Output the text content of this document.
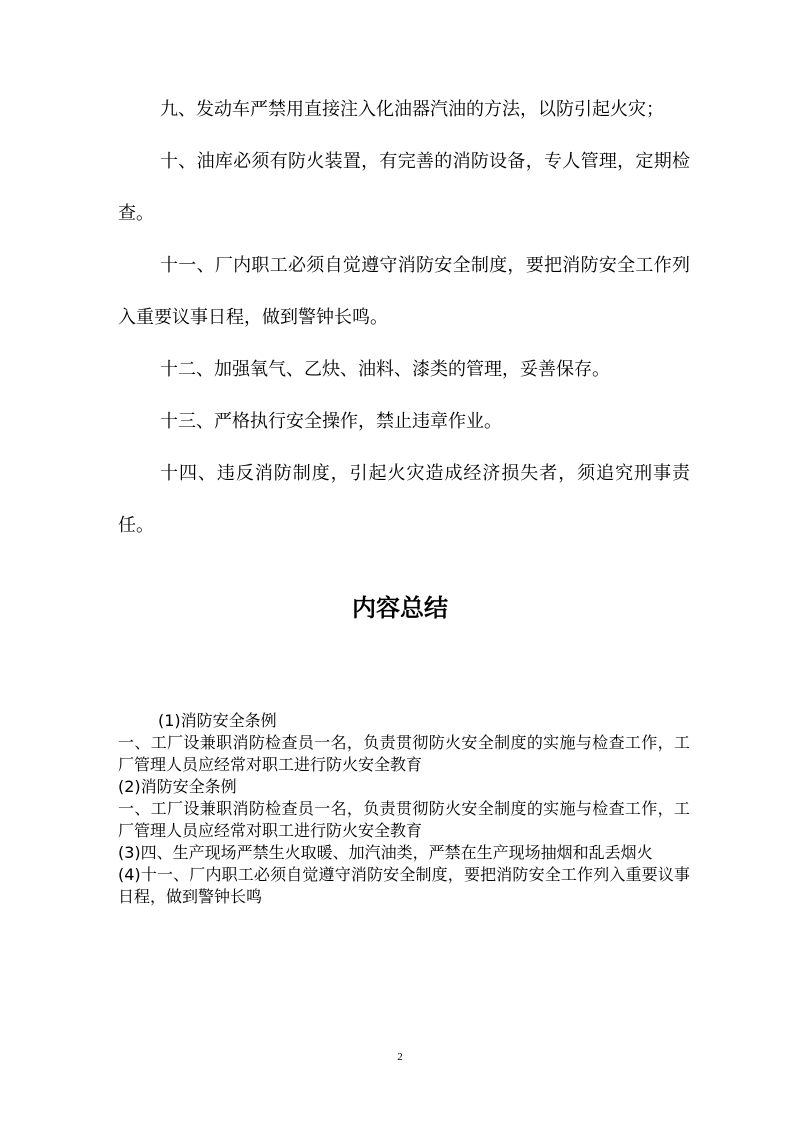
九、发动车严禁用直接注入化油器汽油的方法，以防引起火灾；

十、油库必须有防火装置，有完善的消防设备，专人管理，定期检查。

十一、厂内职工必须自觉遵守消防安全制度，要把消防安全工作列入重要议事日程，做到警钟长鸣。

十二、加强氧气、乙炔、油料、漆类的管理，妥善保存。

十三、严格执行安全操作，禁止违章作业。

十四、违反消防制度，引起火灾造成经济损失者，须追究刑事责任。

内容总结

(1)消防安全条例

一、工厂设兼职消防检查员一名，负责贯彻防火安全制度的实施与检查工作，工厂管理人员应经常对职工进行防火安全教育

(2)消防安全条例

一、工厂设兼职消防检查员一名，负责贯彻防火安全制度的实施与检查工作，工厂管理人员应经常对职工进行防火安全教育

(3)四、生产现场严禁生火取暖、加汽油类，严禁在生产现场抽烟和乱丢烟火

(4)十一、厂内职工必须自觉遵守消防安全制度，要把消防安全工作列入重要议事日程，做到警钟长鸣

2
